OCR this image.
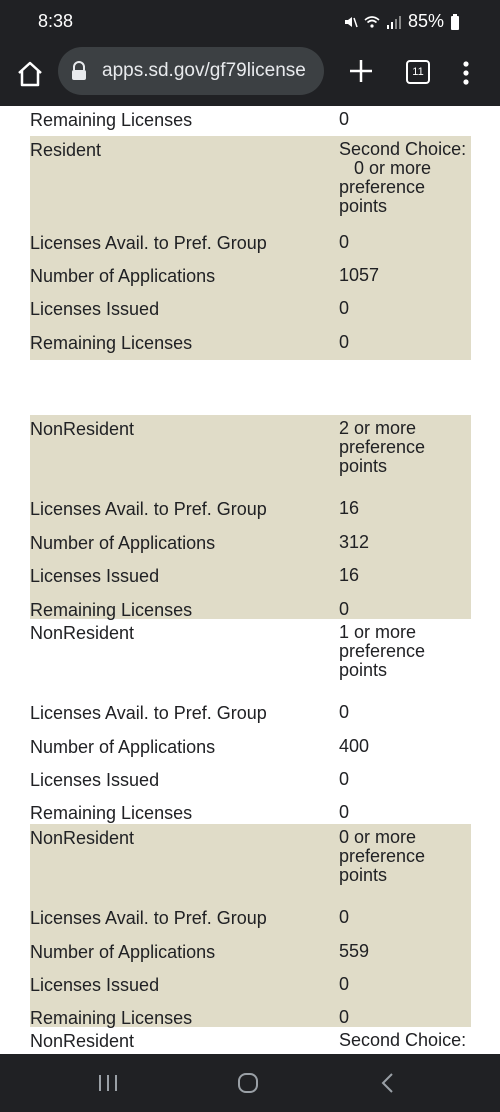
8:38	85%
apps.sd.gov/gf79license	11
Remaining Licenses	0
Resident	Second Choice:
0 or more
preference
points
Licenses Avail. to Pref. Group	0
Number of Applications	1057
Licenses Issued	0
Remaining Licenses	0
NonResident	2 or more
preference
points
Licenses Avail. to Pref. Group	16
Number of Applications	312
Licenses Issued	16
Remaining Licenses	0
NonResident	1 or more
preference
points
Licenses Avail. to Pref. Group	0
Number of Applications	400
Licenses Issued	0
Remaining Licenses	0
NonResident	0 or more
preference
points
Licenses Avail. to Pref. Group	0
Number of Applications	559
Licenses Issued	0
Remaining Licenses	0
NonResident	Second Choice:
